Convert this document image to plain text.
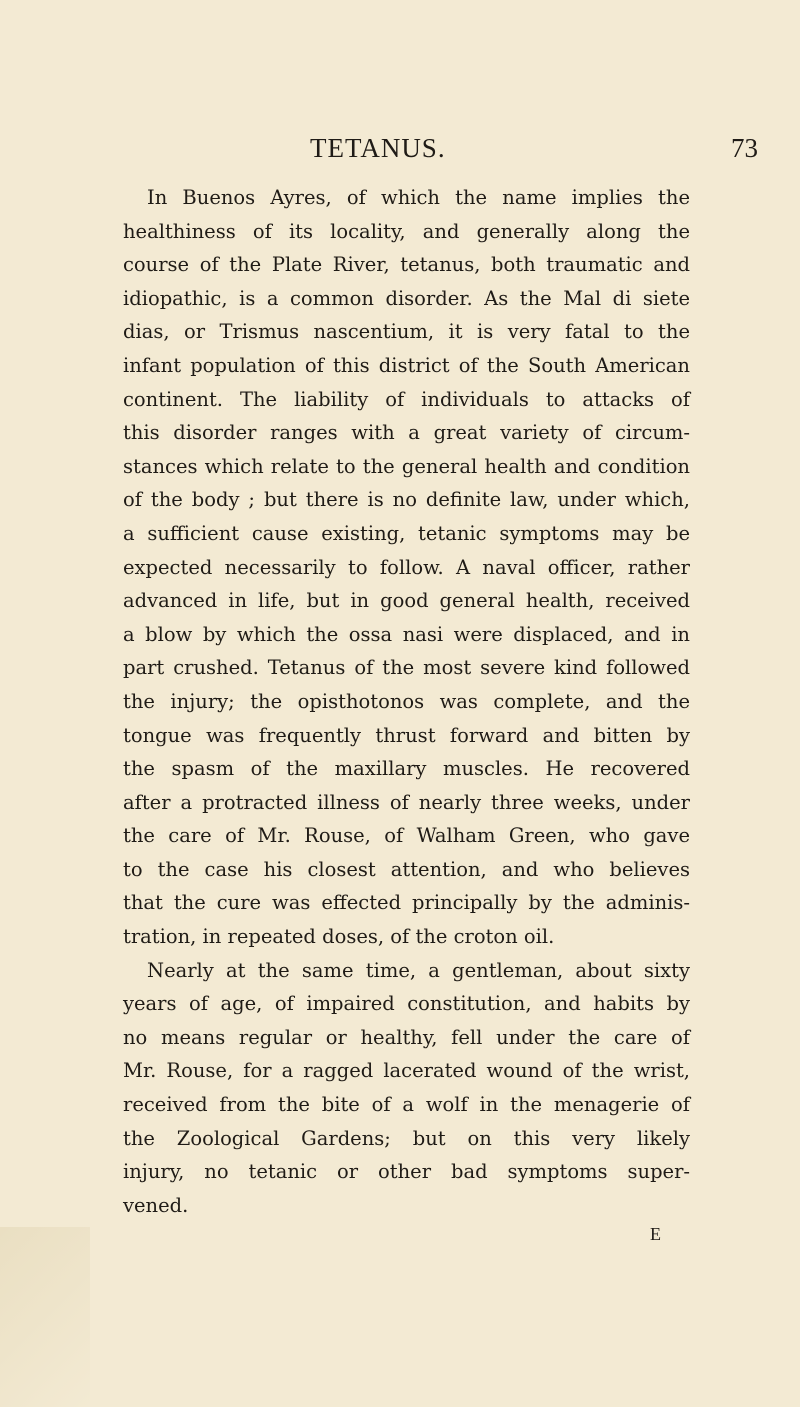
TETANUS.	73
In Buenos Ayres, of which the name implies the
healthiness of its locality, and generally along the
course of the Plate River, tetanus, both traumatic and
idiopathic, is a common disorder. As the Mal di siete
dias, or Trismus nascentium, it is very fatal to the
infant population of this district of the South American
continent. The liability of individuals to attacks of
this disorder ranges with a great variety of circum-
stances which relate to the general health and condition
of the body ; but there is no definite law, under which,
a sufficient cause existing, tetanic symptoms may be
expected necessarily to follow. A naval officer, rather
advanced in life, but in good general health, received
a blow by which the ossa nasi were displaced, and in
part crushed. Tetanus of the most severe kind followed
the injury; the opisthotonos was complete, and the
tongue was frequently thrust forward and bitten by
the spasm of the maxillary muscles. He recovered
after a protracted illness of nearly three weeks, under
the care of Mr. Rouse, of Walham Green, who gave
to the case his closest attention, and who believes
that the cure was effected principally by the adminis-
tration, in repeated doses, of the croton oil.
Nearly at the same time, a gentleman, about sixty
years of age, of impaired constitution, and habits by
no means regular or healthy, fell under the care of
Mr. Rouse, for a ragged lacerated wound of the wrist,
received from the bite of a wolf in the menagerie of
the Zoological Gardens; but on this very likely
injury, no tetanic or other bad symptoms super-
vened.
E
